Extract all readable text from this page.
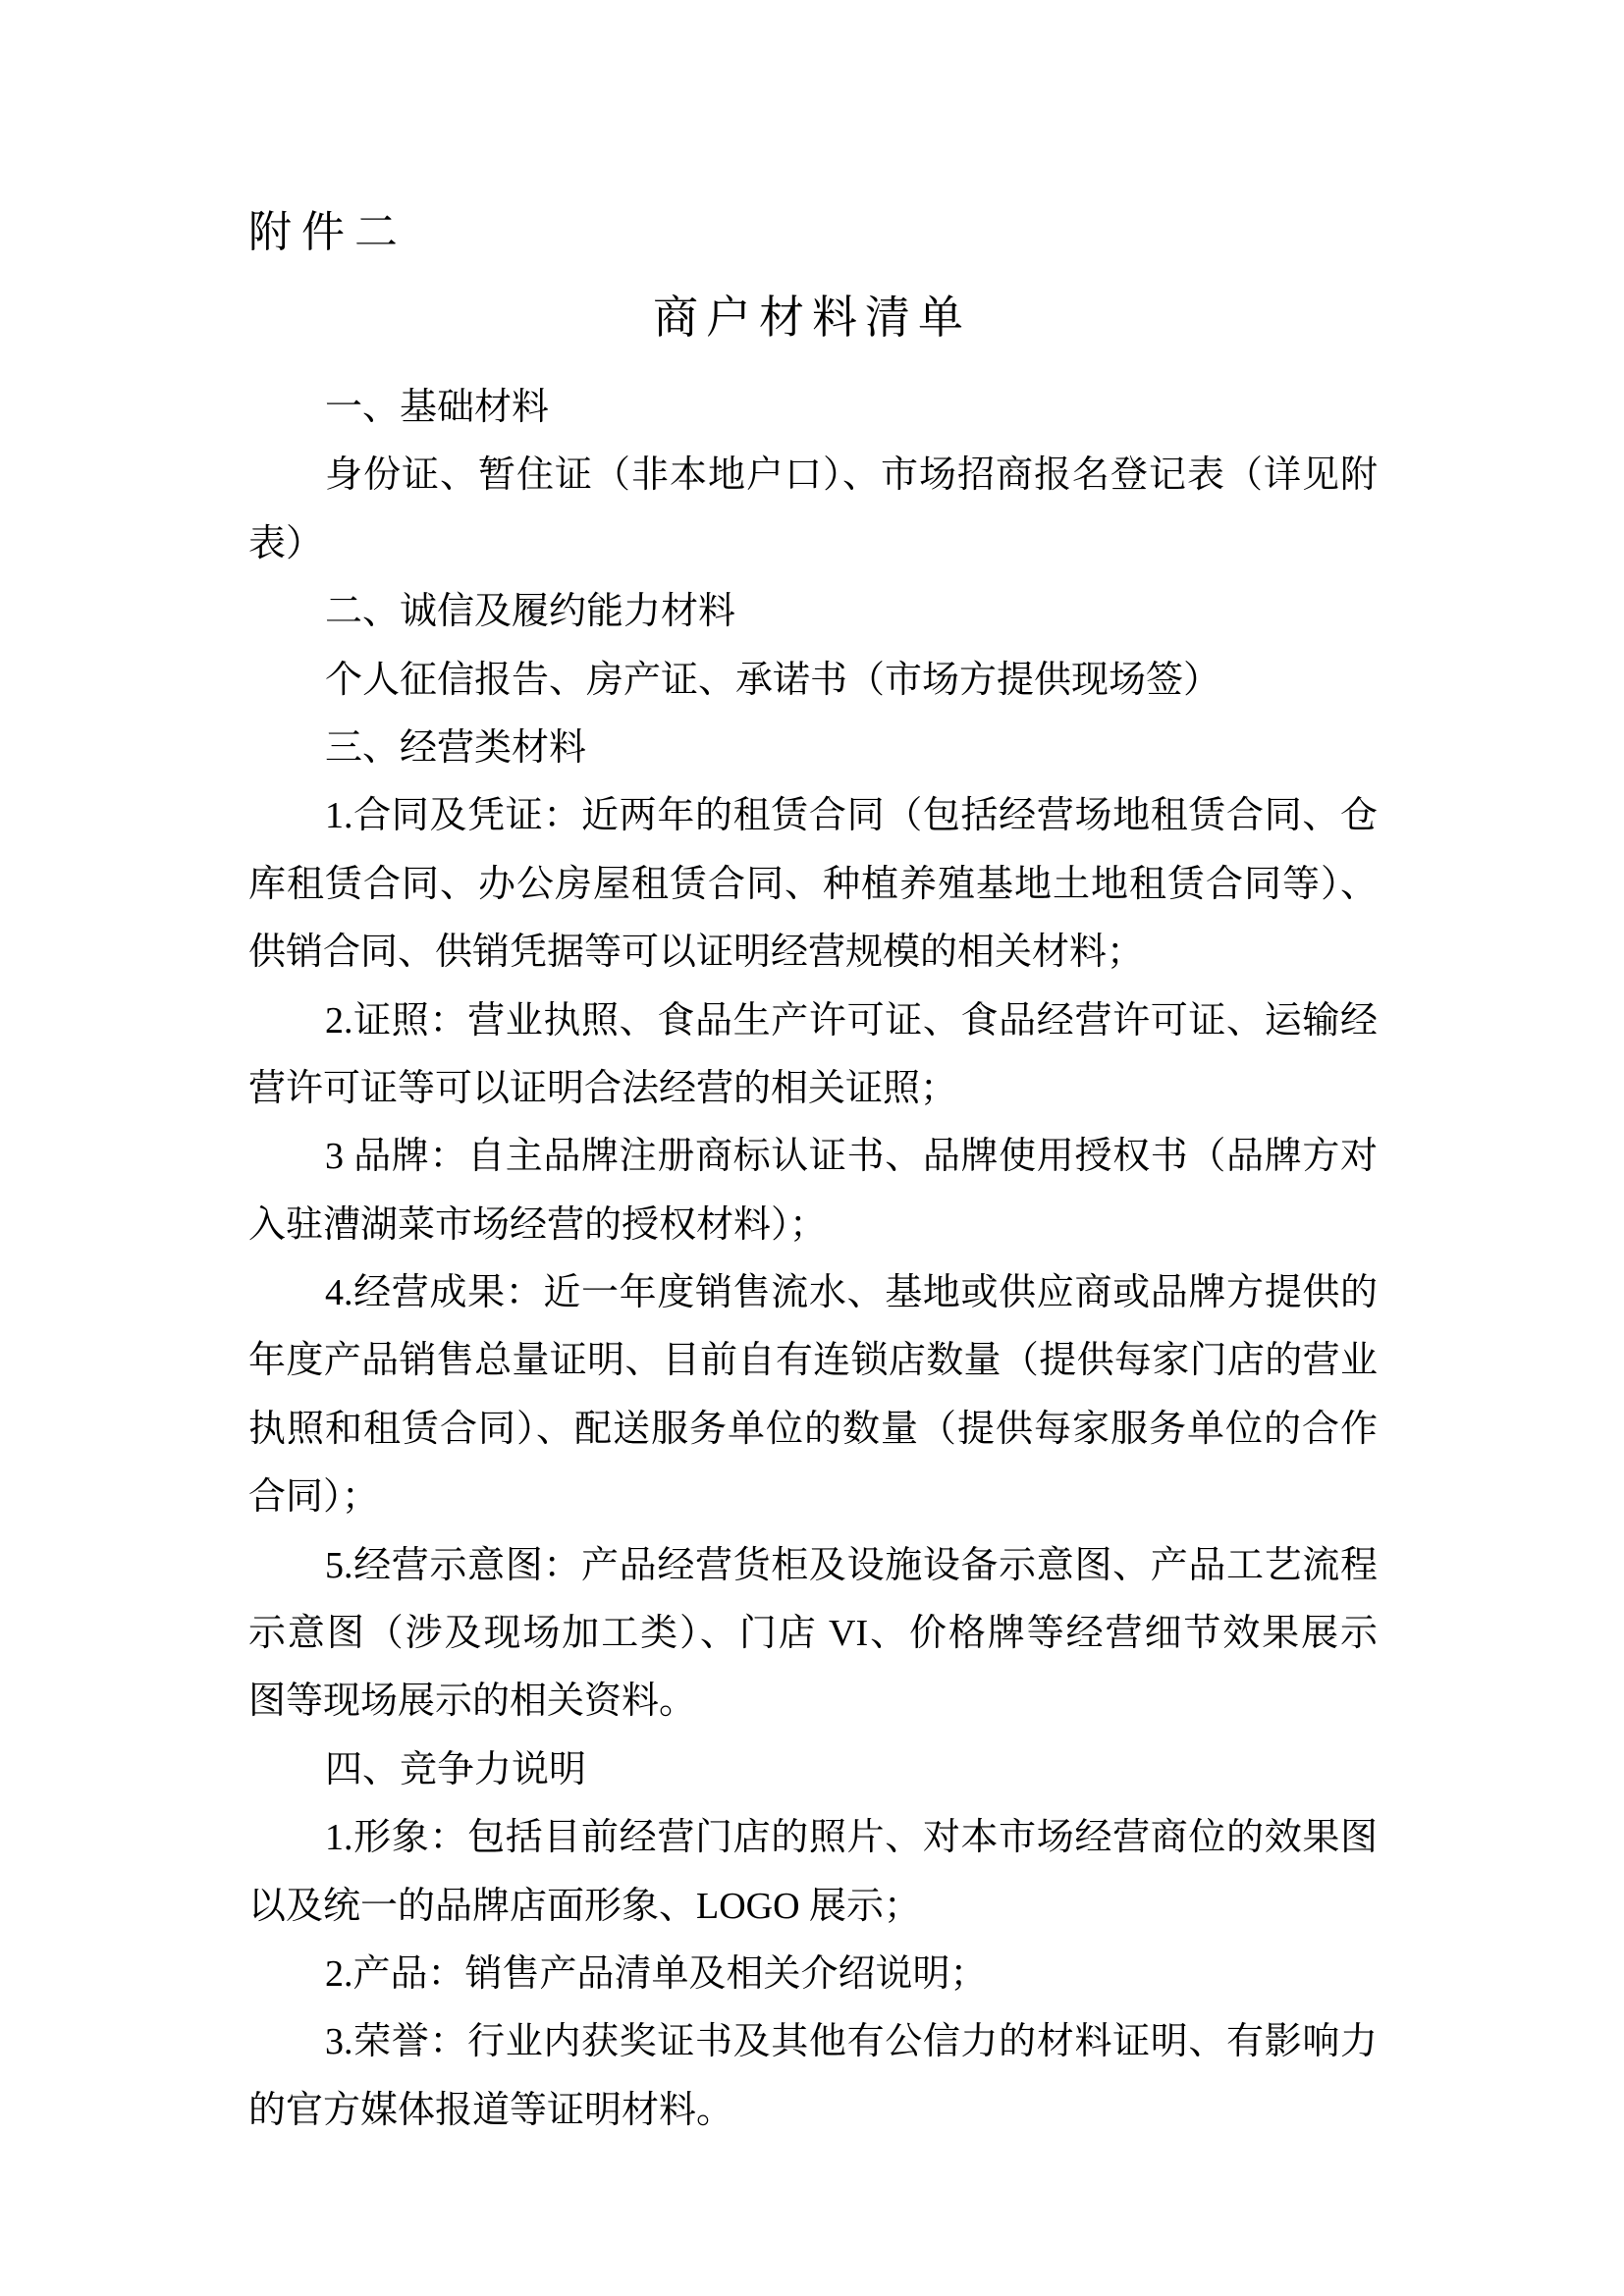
附件二
商户材料清单
一、基础材料
身份证、暂住证（非本地户口）、市场招商报名登记表（详见附
表）
二、诚信及履约能力材料
个人征信报告、房产证、承诺书（市场方提供现场签）
三、经营类材料
1.合同及凭证：近两年的租赁合同（包括经营场地租赁合同、仓
库租赁合同、办公房屋租赁合同、种植养殖基地土地租赁合同等）、
供销合同、供销凭据等可以证明经营规模的相关材料；
2.证照：营业执照、食品生产许可证、食品经营许可证、运输经
营许可证等可以证明合法经营的相关证照；
3 品牌：自主品牌注册商标认证书、品牌使用授权书（品牌方对
入驻漕湖菜市场经营的授权材料）；
4.经营成果：近一年度销售流水、基地或供应商或品牌方提供的
年度产品销售总量证明、目前自有连锁店数量（提供每家门店的营业
执照和租赁合同）、配送服务单位的数量（提供每家服务单位的合作
合同）；
5.经营示意图：产品经营货柜及设施设备示意图、产品工艺流程
示意图（涉及现场加工类）、门店 VI、价格牌等经营细节效果展示
图等现场展示的相关资料。
四、竞争力说明
1.形象：包括目前经营门店的照片、对本市场经营商位的效果图
以及统一的品牌店面形象、LOGO 展示；
2.产品：销售产品清单及相关介绍说明；
3.荣誉：行业内获奖证书及其他有公信力的材料证明、有影响力
的官方媒体报道等证明材料。
